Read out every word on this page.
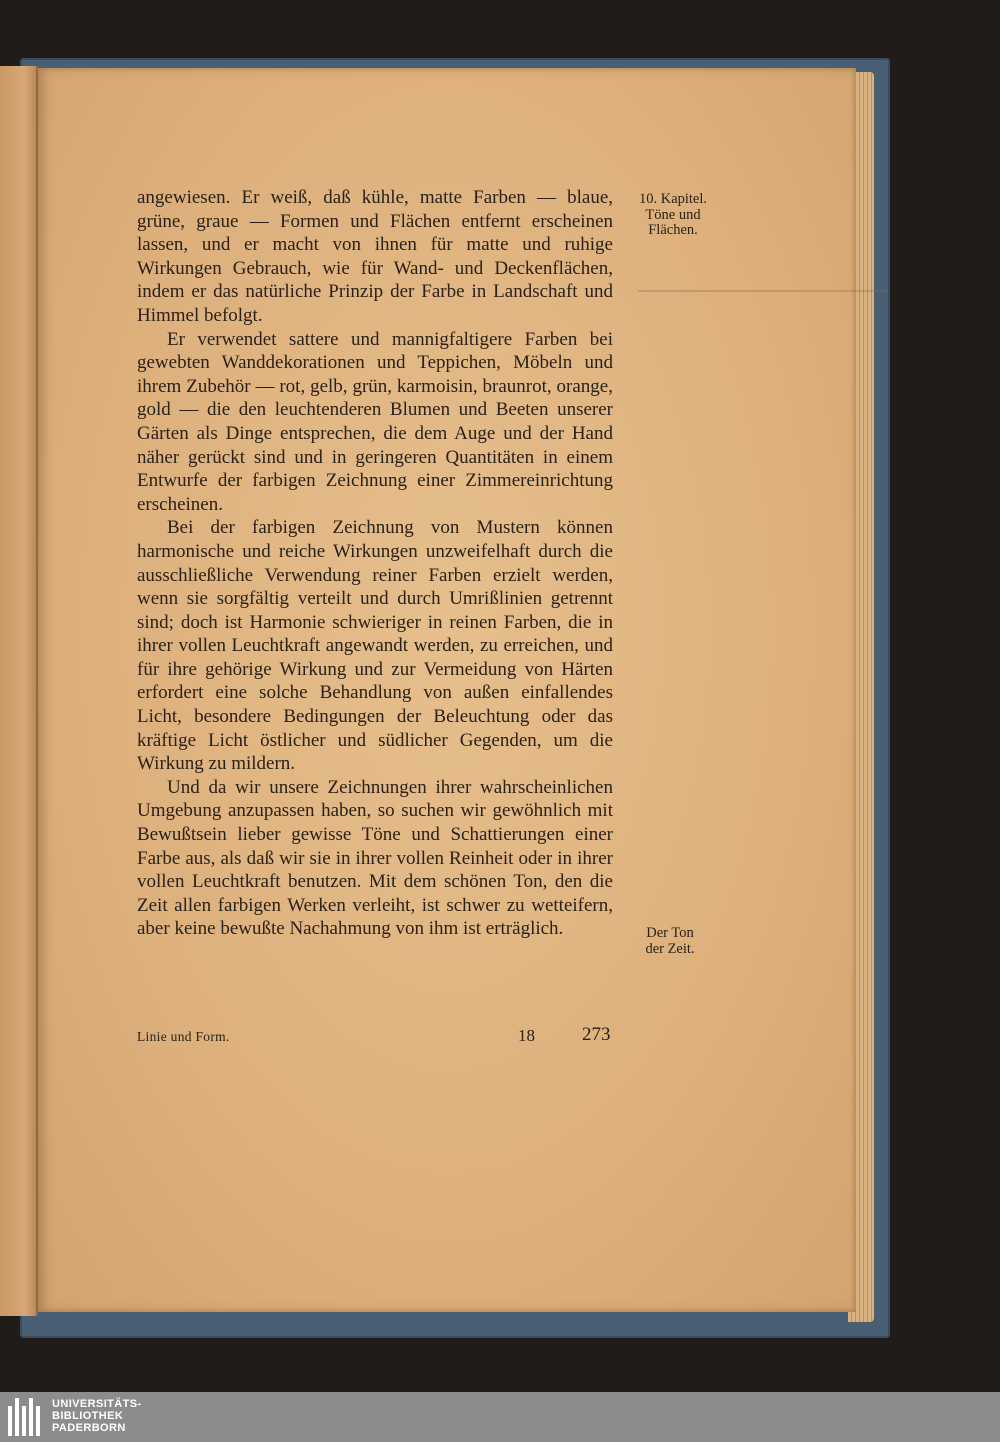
angewiesen. Er weiß, daß kühle, matte Farben — blaue, grüne, graue — Formen und Flächen entfernt erscheinen lassen, und er macht von ihnen für matte und ruhige Wirkungen Gebrauch, wie für Wand- und Deckenflächen, indem er das natürliche Prinzip der Farbe in Landschaft und Himmel befolgt.

Er verwendet sattere und mannigfaltigere Farben bei gewebten Wanddekorationen und Teppichen, Möbeln und ihrem Zubehör — rot, gelb, grün, karmoisin, braunrot, orange, gold — die den leuchtenderen Blumen und Beeten unserer Gärten als Dinge entsprechen, die dem Auge und der Hand näher gerückt sind und in geringeren Quantitäten in einem Entwurfe der farbigen Zeichnung einer Zimmereinrichtung erscheinen.

Bei der farbigen Zeichnung von Mustern können harmonische und reiche Wirkungen unzweifelhaft durch die ausschließliche Verwendung reiner Farben erzielt werden, wenn sie sorgfältig verteilt und durch Umrißlinien getrennt sind; doch ist Harmonie schwieriger in reinen Farben, die in ihrer vollen Leuchtkraft angewandt werden, zu erreichen, und für ihre gehörige Wirkung und zur Vermeidung von Härten erfordert eine solche Behandlung von außen einfallendes Licht, besondere Bedingungen der Beleuchtung oder das kräftige Licht östlicher und südlicher Gegenden, um die Wirkung zu mildern.

Und da wir unsere Zeichnungen ihrer wahrscheinlichen Umgebung anzupassen haben, so suchen wir gewöhnlich mit Bewußtsein lieber gewisse Töne und Schattierungen einer Farbe aus, als daß wir sie in ihrer vollen Reinheit oder in ihrer vollen Leuchtkraft benutzen. Mit dem schönen Ton, den die Zeit allen farbigen Werken verleiht, ist schwer zu wetteifern, aber keine bewußte Nachahmung von ihm ist erträglich.

10. Kapitel.
Töne und
Flächen.
Der Ton
der Zeit.
Linie und Form.	18 273
UNIVERSITÄTS-
BIBLIOTHEK
PADERBORN
